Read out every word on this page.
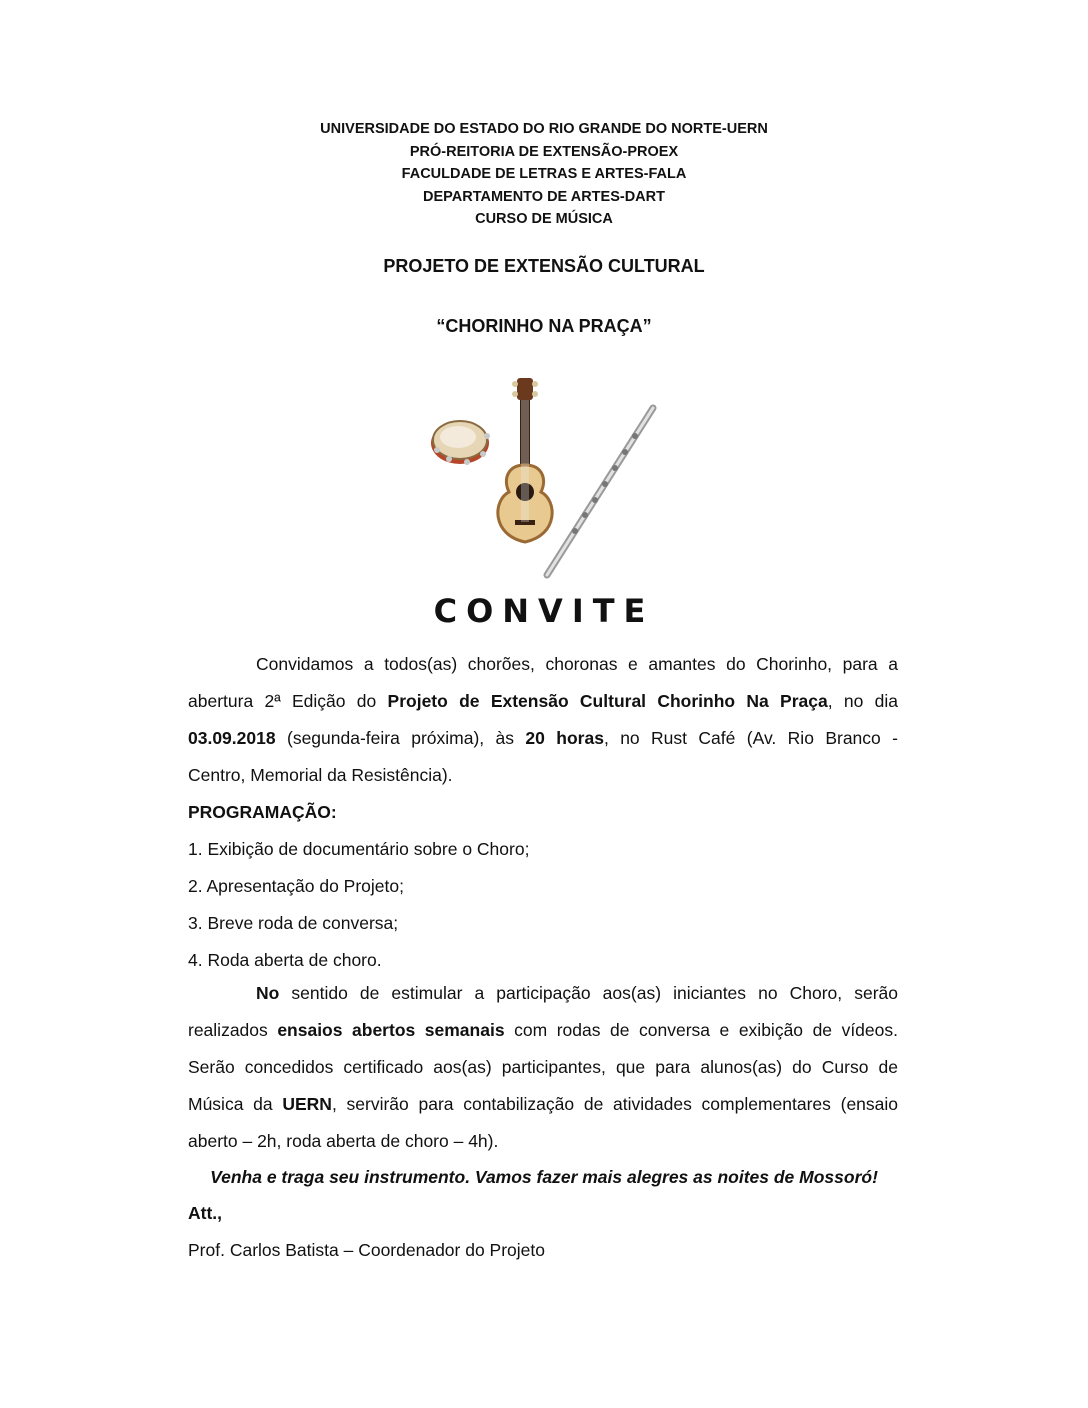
UNIVERSIDADE DO ESTADO DO RIO GRANDE DO NORTE-UERN
PRÓ-REITORIA DE EXTENSÃO-PROEX
FACULDADE DE LETRAS E ARTES-FALA
DEPARTAMENTO DE ARTES-DART
CURSO DE MÚSICA
PROJETO DE EXTENSÃO CULTURAL
“CHORINHO NA PRAÇA”
CONVITE
Convidamos a todos(as) chorões, choronas e amantes do Chorinho, para a
abertura 2ª Edição do Projeto de Extensão Cultural Chorinho Na Praça, no dia
03.09.2018 (segunda-feira próxima), às 20 horas, no Rust Café (Av. Rio Branco -
Centro, Memorial da Resistência).
PROGRAMAÇÃO:
1. Exibição de documentário sobre o Choro;
2. Apresentação do Projeto;
3. Breve roda de conversa;
4. Roda aberta de choro.
No sentido de estimular a participação aos(as) iniciantes no Choro, serão
realizados ensaios abertos semanais com rodas de conversa e exibição de vídeos.
Serão concedidos certificado aos(as) participantes, que para alunos(as) do Curso de
Música da UERN, servirão para contabilização de atividades complementares (ensaio
aberto – 2h, roda aberta de choro – 4h).
Venha e traga seu instrumento. Vamos fazer mais alegres as noites de Mossoró!
Att.,
Prof. Carlos Batista – Coordenador do Projeto
